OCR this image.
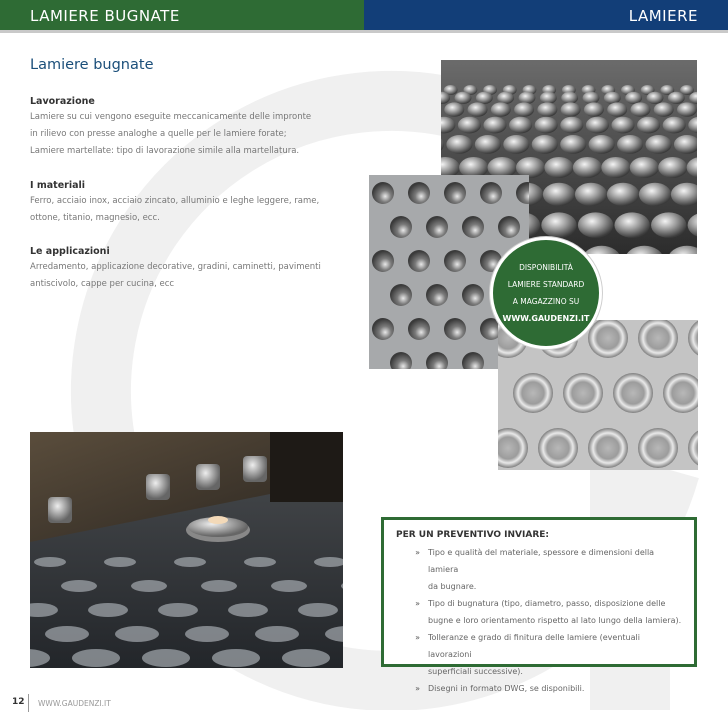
LAMIERE BUGNATE	LAMIERE
Lamiere bugnate
Lavorazione
Lamiere su cui vengono eseguite meccanicamente delle impronte
in rilievo con presse analoghe a quelle per le lamiere forate;
Lamiere martellate: tipo di lavorazione simile alla martellatura.
I materiali
Ferro, acciaio inox, acciaio zincato, alluminio e leghe leggere, rame,
ottone, titanio, magnesio, ecc.
Le applicazioni
Arredamento, applicazione decorative, gradini, caminetti, pavimenti
antiscivolo, cappe per cucina, ecc
DISPONIBILITÀ
LAMIERE STANDARD
A MAGAZZINO SU
WWW.GAUDENZI.IT
PER UN PREVENTIVO INVIARE:
»	Tipo e qualità del materiale, spessore e dimensioni della lamiera
da bugnare.
»	Tipo di bugnatura (tipo, diametro, passo, disposizione delle
bugne e loro orientamento rispetto al lato lungo della lamiera).
»	Tolleranze e grado di finitura delle lamiere (eventuali lavorazioni
superficiali successive).
»	Disegni in formato DWG, se disponibili.
12 WWW.GAUDENZI.IT
